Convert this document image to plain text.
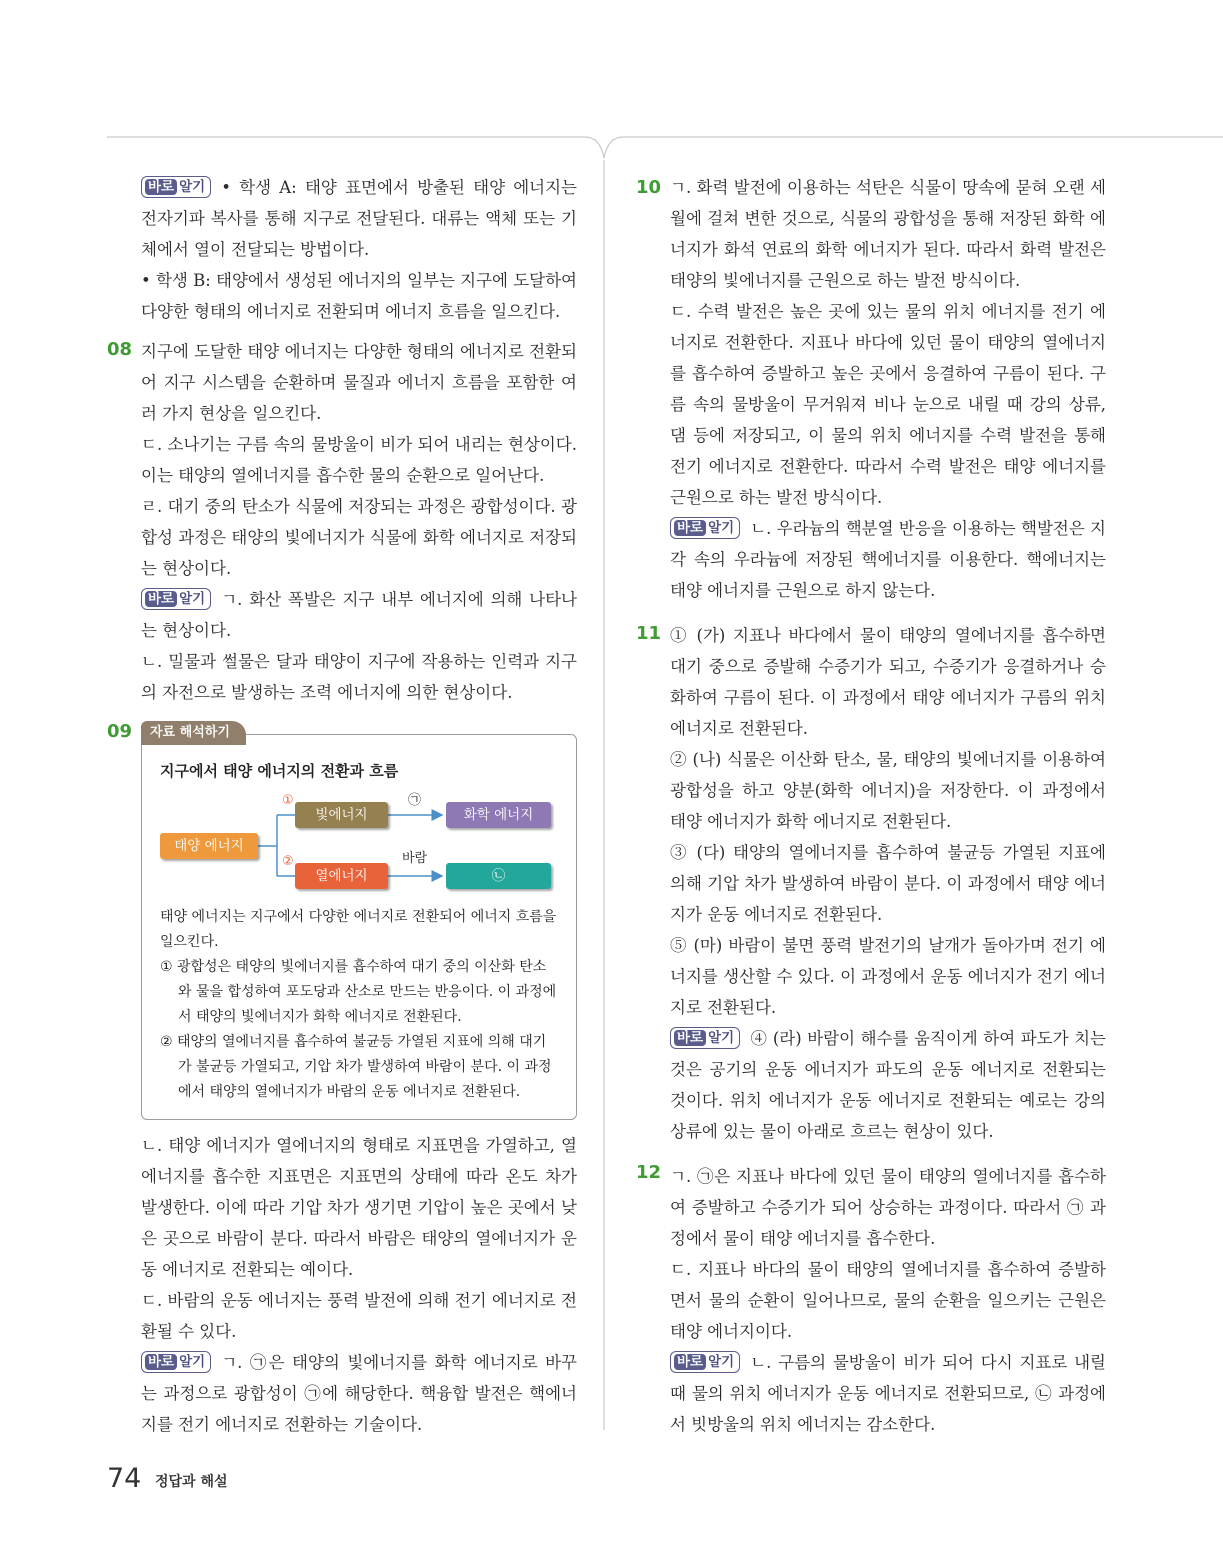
08
09

바로 알기 • 학생 A: 태양 표면에서 방출된 태양 에너지는 전자기파 복사를 통해 지구로 전달된다. 대류는 액체 또는 기체에서 열이 전달되는 방법이다.

• 학생 B: 태양에서 생성된 에너지의 일부는 지구에 도달하여 다양한 형태의 에너지로 전환되며 에너지 흐름을 일으킨다.

지구에 도달한 태양 에너지는 다양한 형태의 에너지로 전환되어 지구 시스템을 순환하며 물질과 에너지 흐름을 포함한 여러 가지 현상을 일으킨다.

ㄷ. 소나기는 구름 속의 물방울이 비가 되어 내리는 현상이다. 이는 태양의 열에너지를 흡수한 물의 순환으로 일어난다.

ㄹ. 대기 중의 탄소가 식물에 저장되는 과정은 광합성이다. 광합성 과정은 태양의 빛에너지가 식물에 화학 에너지로 저장되는 현상이다.

바로 알기 ㄱ. 화산 폭발은 지구 내부 에너지에 의해 나타나는 현상이다.

ㄴ. 밀물과 썰물은 달과 태양이 지구에 작용하는 인력과 지구의 자전으로 발생하는 조력 에너지에 의한 현상이다.

자료 해석하기
지구에서 태양 에너지의 전환과 흐름
태양 에너지
빛에너지
열에너지
화학 에너지
㉡
①
②
㉠
바람

태양 에너지는 지구에서 다양한 에너지로 전환되어 에너지 흐름을 일으킨다.

① 광합성은 태양의 빛에너지를 흡수하여 대기 중의 이산화 탄소와 물을 합성하여 포도당과 산소로 만드는 반응이다. 이 과정에서 태양의 빛에너지가 화학 에너지로 전환된다.

② 태양의 열에너지를 흡수하여 불균등 가열된 지표에 의해 대기가 불균등 가열되고, 기압 차가 발생하여 바람이 분다. 이 과정에서 태양의 열에너지가 바람의 운동 에너지로 전환된다.

ㄴ. 태양 에너지가 열에너지의 형태로 지표면을 가열하고, 열에너지를 흡수한 지표면은 지표면의 상태에 따라 온도 차가 발생한다. 이에 따라 기압 차가 생기면 기압이 높은 곳에서 낮은 곳으로 바람이 분다. 따라서 바람은 태양의 열에너지가 운동 에너지로 전환되는 예이다.

ㄷ. 바람의 운동 에너지는 풍력 발전에 의해 전기 에너지로 전환될 수 있다.

바로 알기 ㄱ. ㉠은 태양의 빛에너지를 화학 에너지로 바꾸는 과정으로 광합성이 ㉠에 해당한다. 핵융합 발전은 핵에너지를 전기 에너지로 전환하는 기술이다.

10
11
12

ㄱ. 화력 발전에 이용하는 석탄은 식물이 땅속에 묻혀 오랜 세월에 걸쳐 변한 것으로, 식물의 광합성을 통해 저장된 화학 에너지가 화석 연료의 화학 에너지가 된다. 따라서 화력 발전은 태양의 빛에너지를 근원으로 하는 발전 방식이다.

ㄷ. 수력 발전은 높은 곳에 있는 물의 위치 에너지를 전기 에너지로 전환한다. 지표나 바다에 있던 물이 태양의 열에너지를 흡수하여 증발하고 높은 곳에서 응결하여 구름이 된다. 구름 속의 물방울이 무거워져 비나 눈으로 내릴 때 강의 상류, 댐 등에 저장되고, 이 물의 위치 에너지를 수력 발전을 통해 전기 에너지로 전환한다. 따라서 수력 발전은 태양 에너지를 근원으로 하는 발전 방식이다.

바로 알기 ㄴ. 우라늄의 핵분열 반응을 이용하는 핵발전은 지각 속의 우라늄에 저장된 핵에너지를 이용한다. 핵에너지는 태양 에너지를 근원으로 하지 않는다.

① (가) 지표나 바다에서 물이 태양의 열에너지를 흡수하면 대기 중으로 증발해 수증기가 되고, 수증기가 응결하거나 승화하여 구름이 된다. 이 과정에서 태양 에너지가 구름의 위치 에너지로 전환된다.

② (나) 식물은 이산화 탄소, 물, 태양의 빛에너지를 이용하여 광합성을 하고 양분(화학 에너지)을 저장한다. 이 과정에서 태양 에너지가 화학 에너지로 전환된다.

③ (다) 태양의 열에너지를 흡수하여 불균등 가열된 지표에 의해 기압 차가 발생하여 바람이 분다. 이 과정에서 태양 에너지가 운동 에너지로 전환된다.

⑤ (마) 바람이 불면 풍력 발전기의 날개가 돌아가며 전기 에너지를 생산할 수 있다. 이 과정에서 운동 에너지가 전기 에너지로 전환된다.

바로 알기 ④ (라) 바람이 해수를 움직이게 하여 파도가 치는 것은 공기의 운동 에너지가 파도의 운동 에너지로 전환되는 것이다. 위치 에너지가 운동 에너지로 전환되는 예로는 강의 상류에 있는 물이 아래로 흐르는 현상이 있다.

ㄱ. ㉠은 지표나 바다에 있던 물이 태양의 열에너지를 흡수하여 증발하고 수증기가 되어 상승하는 과정이다. 따라서 ㉠ 과정에서 물이 태양 에너지를 흡수한다.

ㄷ. 지표나 바다의 물이 태양의 열에너지를 흡수하여 증발하면서 물의 순환이 일어나므로, 물의 순환을 일으키는 근원은 태양 에너지이다.

바로 알기 ㄴ. 구름의 물방울이 비가 되어 다시 지표로 내릴 때 물의 위치 에너지가 운동 에너지로 전환되므로, ㉡ 과정에서 빗방울의 위치 에너지는 감소한다.

74 정답과 해설
